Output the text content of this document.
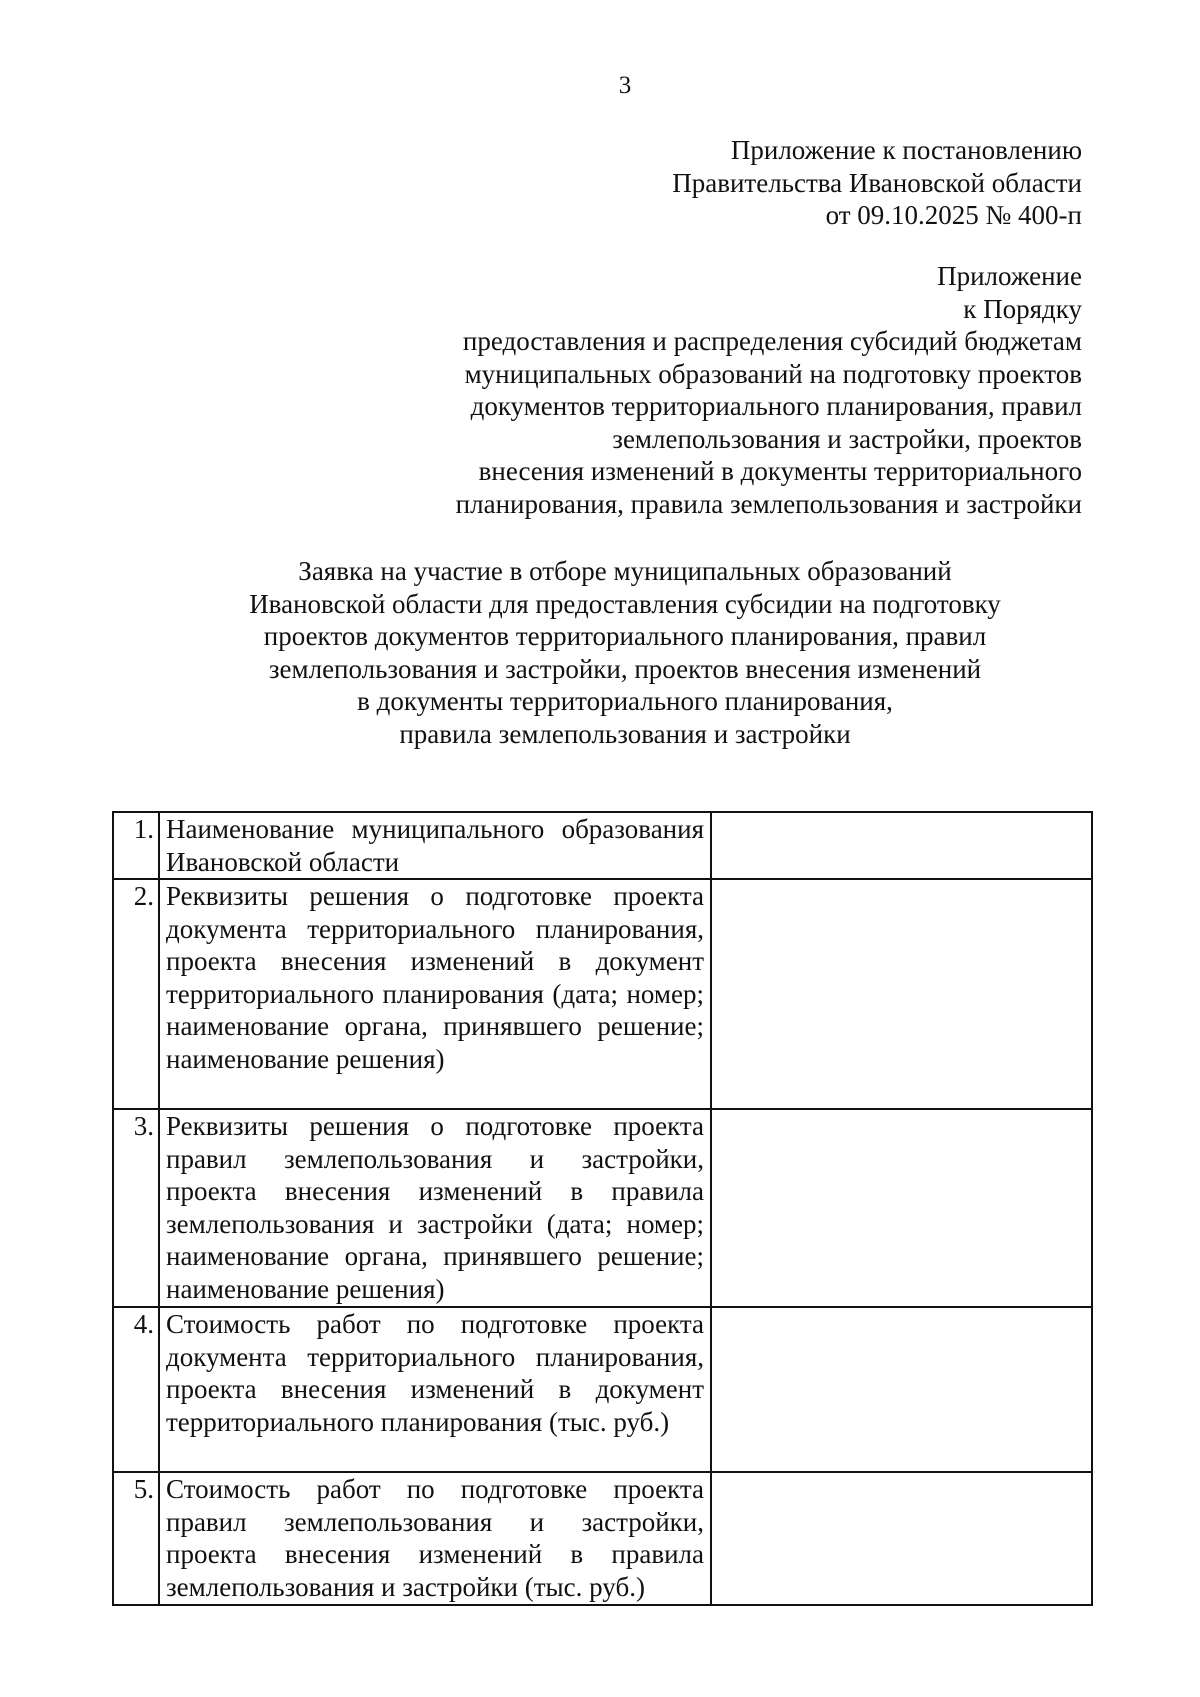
3
Приложение к постановлению
Правительства Ивановской области
от 09.10.2025 № 400-п
Приложение
к Порядку
предоставления и распределения субсидий бюджетам
муниципальных образований на подготовку проектов
документов территориального планирования, правил
землепользования и застройки, проектов
внесения изменений в документы территориального
планирования, правила землепользования и застройки
Заявка на участие в отборе муниципальных образований
Ивановской области для предоставления субсидии на подготовку
проектов документов территориального планирования, правил
землепользования и застройки, проектов внесения изменений
в документы территориального планирования,
правила землепользования и застройки
1.	Наименование муниципального образования Ивановской области	
2.	Реквизиты решения о подготовке проекта документа территориального планирования, проекта внесения изменений в документ территориального планирования (дата; номер; наименование органа, принявшего решение; наименование решения)	
3.	Реквизиты решения о подготовке проекта правил землепользования и застройки, проекта внесения изменений в правила землепользования и застройки (дата; номер; наименование органа, принявшего решение; наименование решения)	
4.	Стоимость работ по подготовке проекта документа территориального планирования, проекта внесения изменений в документ территориального планирования (тыс. руб.)	
5.	Стоимость работ по подготовке проекта правил землепользования и застройки, проекта внесения изменений в правила землепользования и застройки (тыс. руб.)	
